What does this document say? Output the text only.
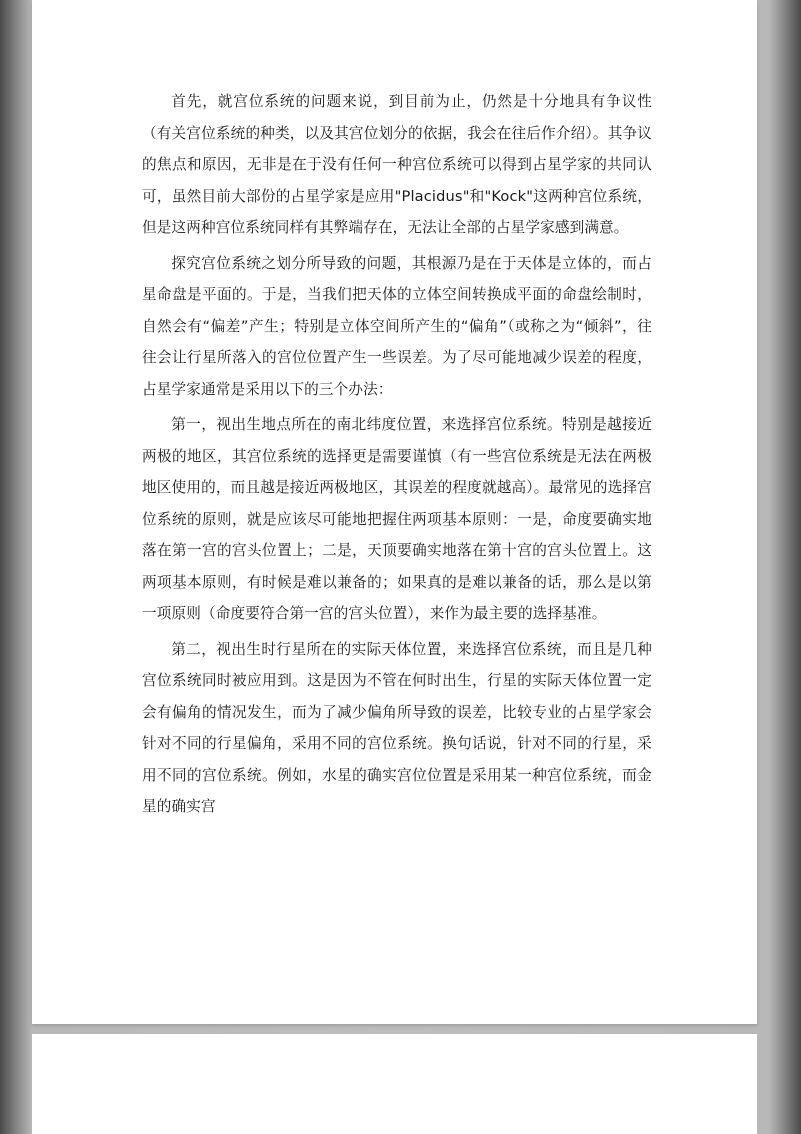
首先，就宫位系统的问题来说，到目前为止，仍然是十分地具有争议性（有关宫位系统的种类，以及其宫位划分的依据，我会在往后作介绍）。其争议的焦点和原因，无非是在于没有任何一种宫位系统可以得到占星学家的共同认可，虽然目前大部份的占星学家是应用"Placidus"和"Kock"这两种宫位系统，但是这两种宫位系统同样有其弊端存在，无法让全部的占星学家感到满意。

探究宫位系统之划分所导致的问题，其根源乃是在于天体是立体的，而占星命盘是平面的。于是，当我们把天体的立体空间转换成平面的命盘绘制时，自然会有“偏差”产生；特别是立体空间所产生的“偏角”（或称之为“倾斜”，往往会让行星所落入的宫位位置产生一些误差。为了尽可能地减少误差的程度，占星学家通常是采用以下的三个办法：

第一，视出生地点所在的南北纬度位置，来选择宫位系统。特别是越接近两极的地区，其宫位系统的选择更是需要谨慎（有一些宫位系统是无法在两极地区使用的，而且越是接近两极地区，其误差的程度就越高）。最常见的选择宫位系统的原则，就是应该尽可能地把握住两项基本原则：一是，命度要确实地落在第一宫的宫头位置上；二是，天顶要确实地落在第十宫的宫头位置上。这两项基本原则，有时候是难以兼备的；如果真的是难以兼备的话，那么是以第一项原则（命度要符合第一宫的宫头位置），来作为最主要的选择基准。

第二，视出生时行星所在的实际天体位置，来选择宫位系统，而且是几种宫位系统同时被应用到。这是因为不管在何时出生，行星的实际天体位置一定会有偏角的情况发生，而为了减少偏角所导致的误差，比较专业的占星学家会针对不同的行星偏角，采用不同的宫位系统。换句话说，针对不同的行星，采用不同的宫位系统。例如，水星的确实宫位位置是采用某一种宫位系统，而金星的确实宫
